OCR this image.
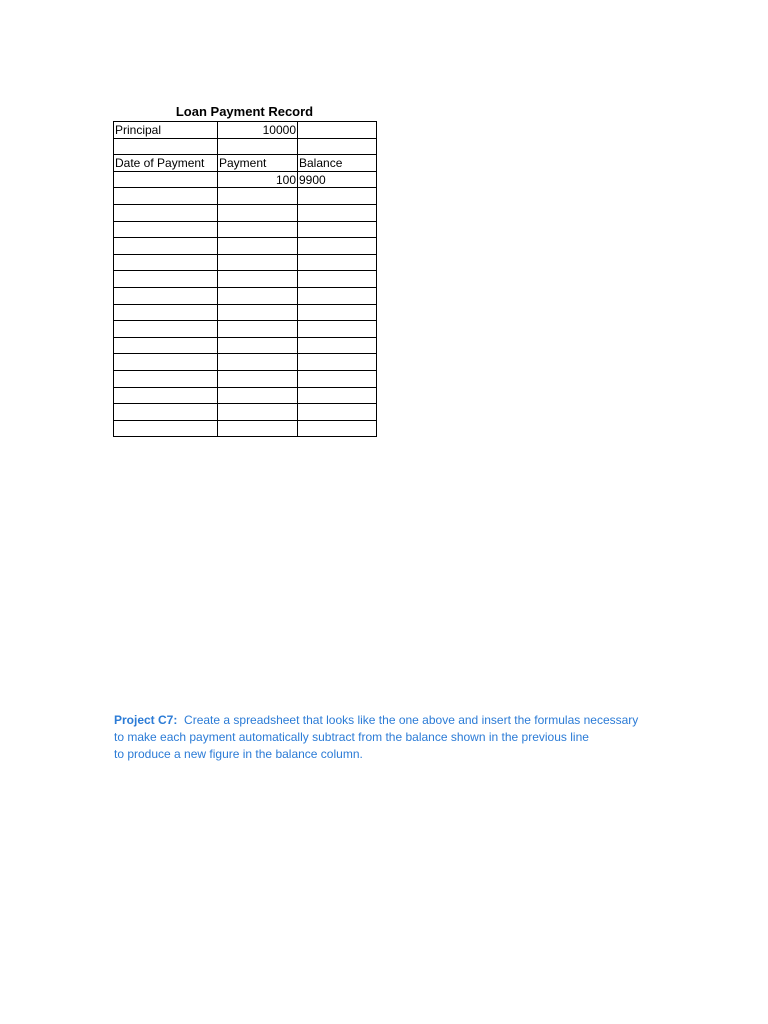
Loan Payment Record
Principal	10000	

Date of Payment	Payment	Balance
	100	9900

Project C7: Create a spreadsheet that looks like the one above and insert the formulas necessary
to make each payment automatically subtract from the balance shown in the previous line
to produce a new figure in the balance column.
